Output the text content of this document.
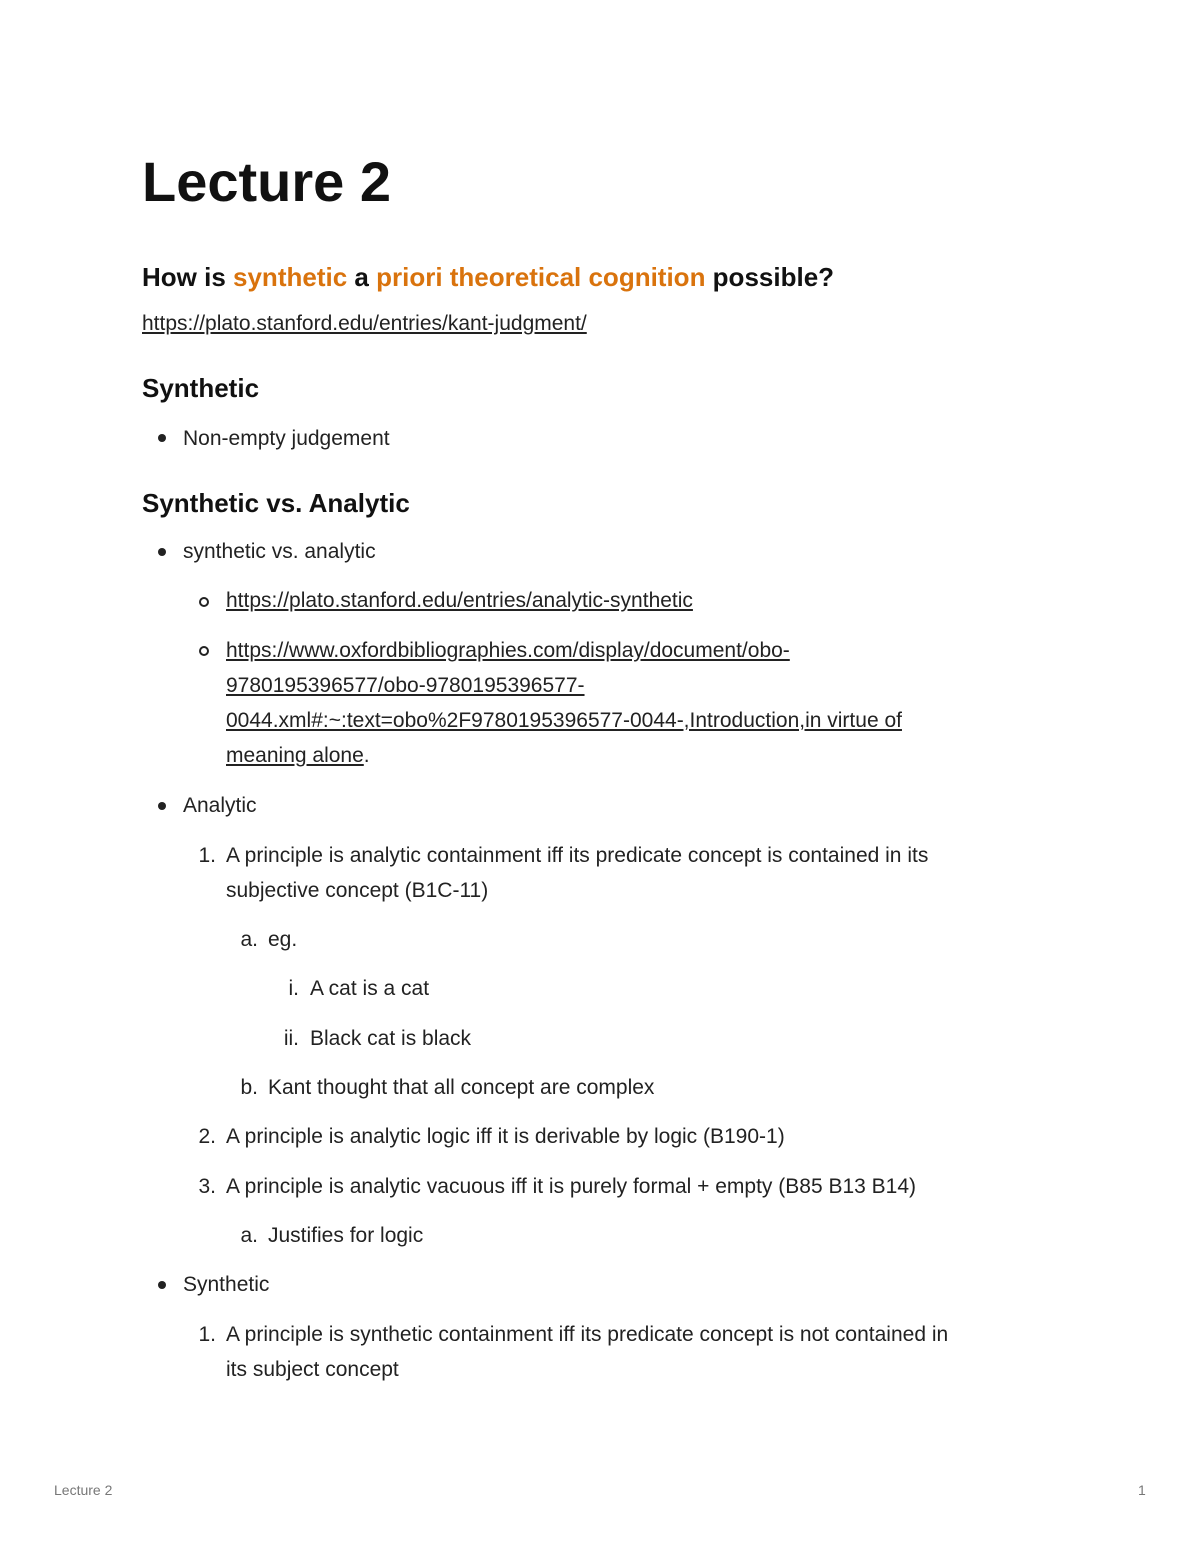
Lecture 2
How is synthetic a priori theoretical cognition possible?
https://plato.stanford.edu/entries/kant-judgment/
Synthetic
Non-empty judgement
Synthetic vs. Analytic
synthetic vs. analytic
https://plato.stanford.edu/entries/analytic-synthetic
https://www.oxfordbibliographies.com/display/document/obo-
9780195396577/obo-9780195396577-
0044.xml#:~:text=obo%2F9780195396577-0044-,Introduction,in virtue of
meaning alone.
Analytic
1. A principle is analytic containment iff its predicate concept is contained in its
subjective concept (B1C-11)
a. eg.
i. A cat is a cat
ii. Black cat is black
b. Kant thought that all concept are complex
2. A principle is analytic logic iff it is derivable by logic (B190-1)
3. A principle is analytic vacuous iff it is purely formal + empty (B85 B13 B14)
a. Justifies for logic
Synthetic
1. A principle is synthetic containment iff its predicate concept is not contained in
its subject concept
Lecture 2	1
